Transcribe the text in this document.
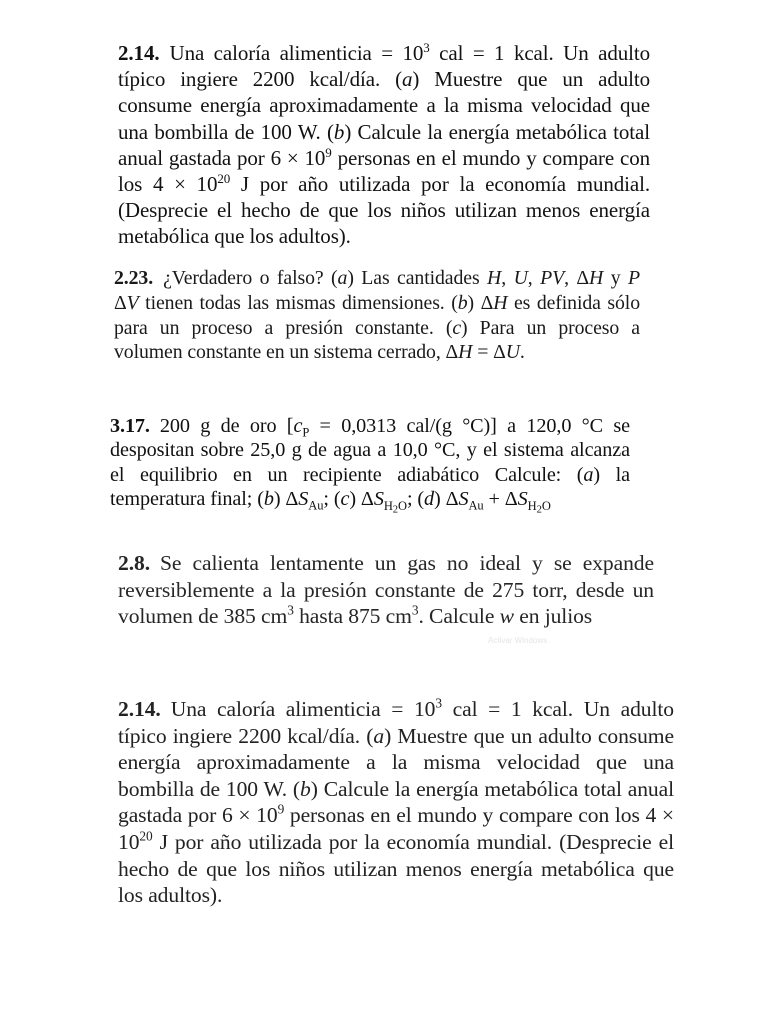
2.14. Una caloría alimenticia = $10^3$ cal = 1 kcal. Un adulto típico ingiere 2200 kcal/día. (a) Muestre que un adulto consume energía aproximadamente a la misma velocidad que una bombilla de 100 W. (b) Calcule la energía metabólica total anual gastada por $6 \times 10^9$ personas en el mundo y compare con los $4 \times 10^{20}$ J por año utilizada por la economía mundial. (Desprecie el hecho de que los niños utilizan menos energía metabólica que los adultos).

2.23. ¿Verdadero o falso? (a) Las cantidades H, U, PV, ΔH y P ΔV tienen todas las mismas dimensiones. (b) ΔH es definida sólo para un proceso a presión constante. (c) Para un proceso a volumen constante en un sistema cerrado, ΔH = ΔU.

3.17. 200 g de oro [$c_P = 0,0313$ cal/(g °C)] a 120,0 °C se despositan sobre 25,0 g de agua a 10,0 °C, y el sistema alcanza el equilibrio en un recipiente adiabático Calcule: (a) la temperatura final; (b) $\Delta S_{Au}$; (c) $\Delta S_{H_2O}$; (d) $\Delta S_{Au} + \Delta S_{H_2O}$

2.8. Se calienta lentamente un gas no ideal y se expande reversiblemente a la presión constante de 275 torr, desde un volumen de 385 $cm^3$ hasta 875 $cm^3$. Calcule w en julios

Activar Windows

2.14. Una caloría alimenticia = $10^3$ cal = 1 kcal. Un adulto típico ingiere 2200 kcal/día. (a) Muestre que un adulto consume energía aproximadamente a la misma velocidad que una bombilla de 100 W. (b) Calcule la energía metabólica total anual gastada por $6 \times 10^9$ personas en el mundo y compare con los $4 \times 10^{20}$ J por año utilizada por la economía mundial. (Desprecie el hecho de que los niños utilizan menos energía metabólica que los adultos).
